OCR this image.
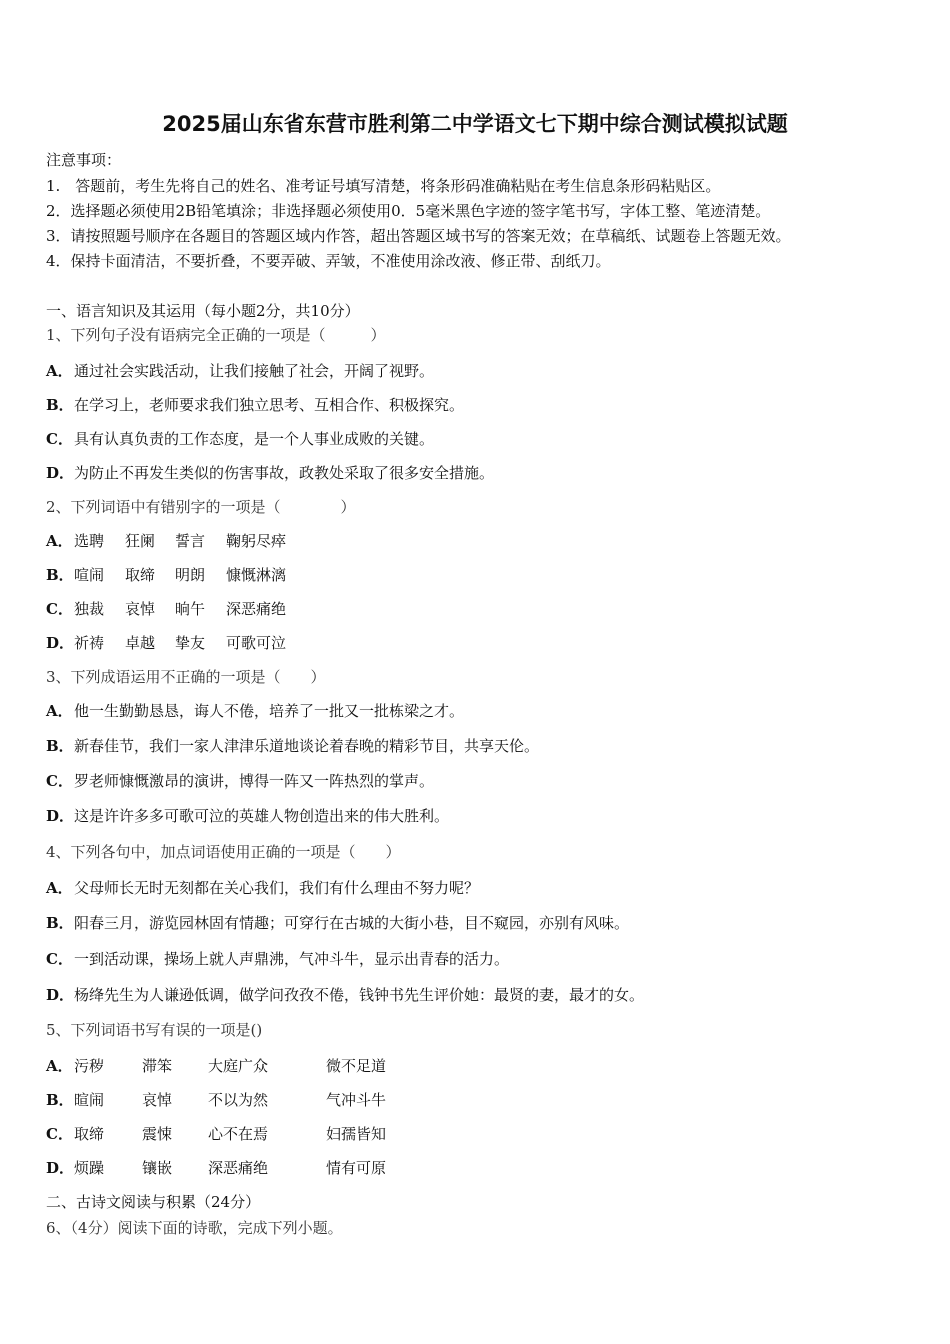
2025届山东省东营市胜利第二中学语文七下期中综合测试模拟试题
注意事项：
1.　答题前，考生先将自己的姓名、准考证号填写清楚，将条形码准确粘贴在考生信息条形码粘贴区。
2．选择题必须使用2B铅笔填涂；非选择题必须使用0．5毫米黑色字迹的签字笔书写，字体工整、笔迹清楚。
3．请按照题号顺序在各题目的答题区域内作答，超出答题区域书写的答案无效；在草稿纸、试题卷上答题无效。
4．保持卡面清洁，不要折叠，不要弄破、弄皱，不准使用涂改液、修正带、刮纸刀。
一、语言知识及其运用（每小题2分，共10分）
1、下列句子没有语病完全正确的一项是（　　　）
A．通过社会实践活动，让我们接触了社会，开阔了视野。
B．在学习上，老师要求我们独立思考、互相合作、积极探究。
C．具有认真负责的工作态度，是一个人事业成败的关键。
D．为防止不再发生类似的伤害事故，政教处采取了很多安全措施。
2、下列词语中有错别字的一项是（　　　　）
A． 选聘 狂阑 誓言 鞠躬尽瘁
B． 喧闹 取缔 明朗 慷慨淋漓
C． 独裁 哀悼 晌午 深恶痛绝
D． 祈祷 卓越 挚友 可歌可泣
3、下列成语运用不正确的一项是（　　）
A．他一生勤勤恳恳，诲人不倦，培养了一批又一批栋梁之才。
B．新春佳节，我们一家人津津乐道地谈论着春晚的精彩节目，共享天伦。
C．罗老师慷慨激昂的演讲，博得一阵又一阵热烈的掌声。
D．这是许许多多可歌可泣的英雄人物创造出来的伟大胜利。
4、下列各句中，加点词语使用正确的一项是（　　）
A．父母师长无时无刻都在关心我们，我们有什么理由不努力呢？
B．阳春三月，游览园林固有情趣；可穿行在古城的大街小巷，目不窥园，亦别有风味。
C．一到活动课，操场上就人声鼎沸，气冲斗牛，显示出青春的活力。
D．杨绛先生为人谦逊低调，做学问孜孜不倦，钱钟书先生评价她：最贤的妻，最才的女。
5、下列词语书写有误的一项是()
A． 污秽	滞笨 大庭广众	微不足道
B． 暄闹	哀悼 不以为然	气冲斗牛
C． 取缔	震悚 心不在焉	妇孺皆知
D． 烦躁	镶嵌 深恶痛绝	情有可原
二、古诗文阅读与积累（24分）
6、（4分）阅读下面的诗歌，完成下列小题。
